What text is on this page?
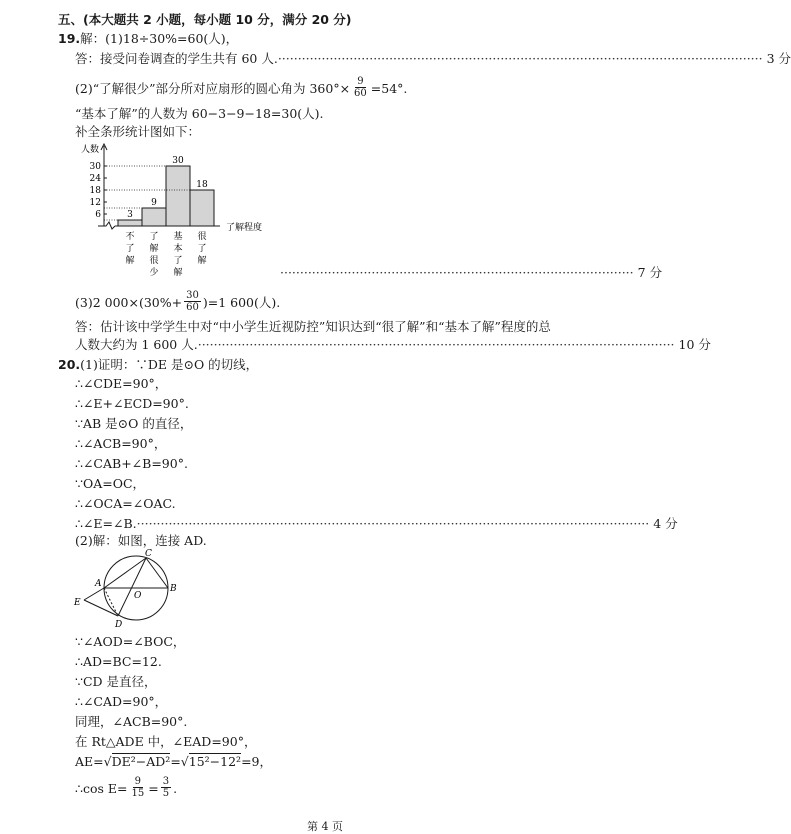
五、(本大题共 2 小题，每小题 10 分，满分 20 分)
19.解：(1)18÷30%=60(人)，
答：接受问卷调查的学生共有 60 人. ·························································································································· 3 分
(2)“了解很少”部分所对应扇形的圆心角为 $360^\circ\times \frac{9}{60} =54^\circ$.
“基本了解”的人数为 60−3−9−18=30(人).
补全条形统计图如下：
人数
了解程度
30
24
18
12
6	3
不
了
解
9
了
解
很
少
30
基
本
了
解
18
很
了
解
························································································· 7 分
(3)2 $000\times(30\%+ \frac{30}{60} )=1$ 600(人).
答：估计该中学学生中对“中小学生近视防控”知识达到“很了解”和“基本了解”程度的总
人数大约为 1 600 人. ························································································································ 10 分
20.(1)证明：∵DE 是⊙O 的切线，
∴∠CDE=90°，
∴∠E+∠ECD=90°.
∵AB 是⊙O 的直径，
∴∠ACB=90°，
∴∠CAB+∠B=90°.
∵OA=OC，
∴∠OCA=∠OAC.
∴∠E=∠B. ································································································································· 4 分
(2)解：如图，连接 AD.
C
A	B
O
E
D
∵∠AOD=∠BOC，
∴AD=BC=12.
∵CD 是直径，
∴∠CAD=90°，
同理，∠ACB=90°.
在 Rt△ADE 中，∠EAD=90°，
AE=√DE²−AD²=√15²−12²=9，
∴cos $E= \frac{9}{15} = \frac{3}{5}$ .
第 4 页
